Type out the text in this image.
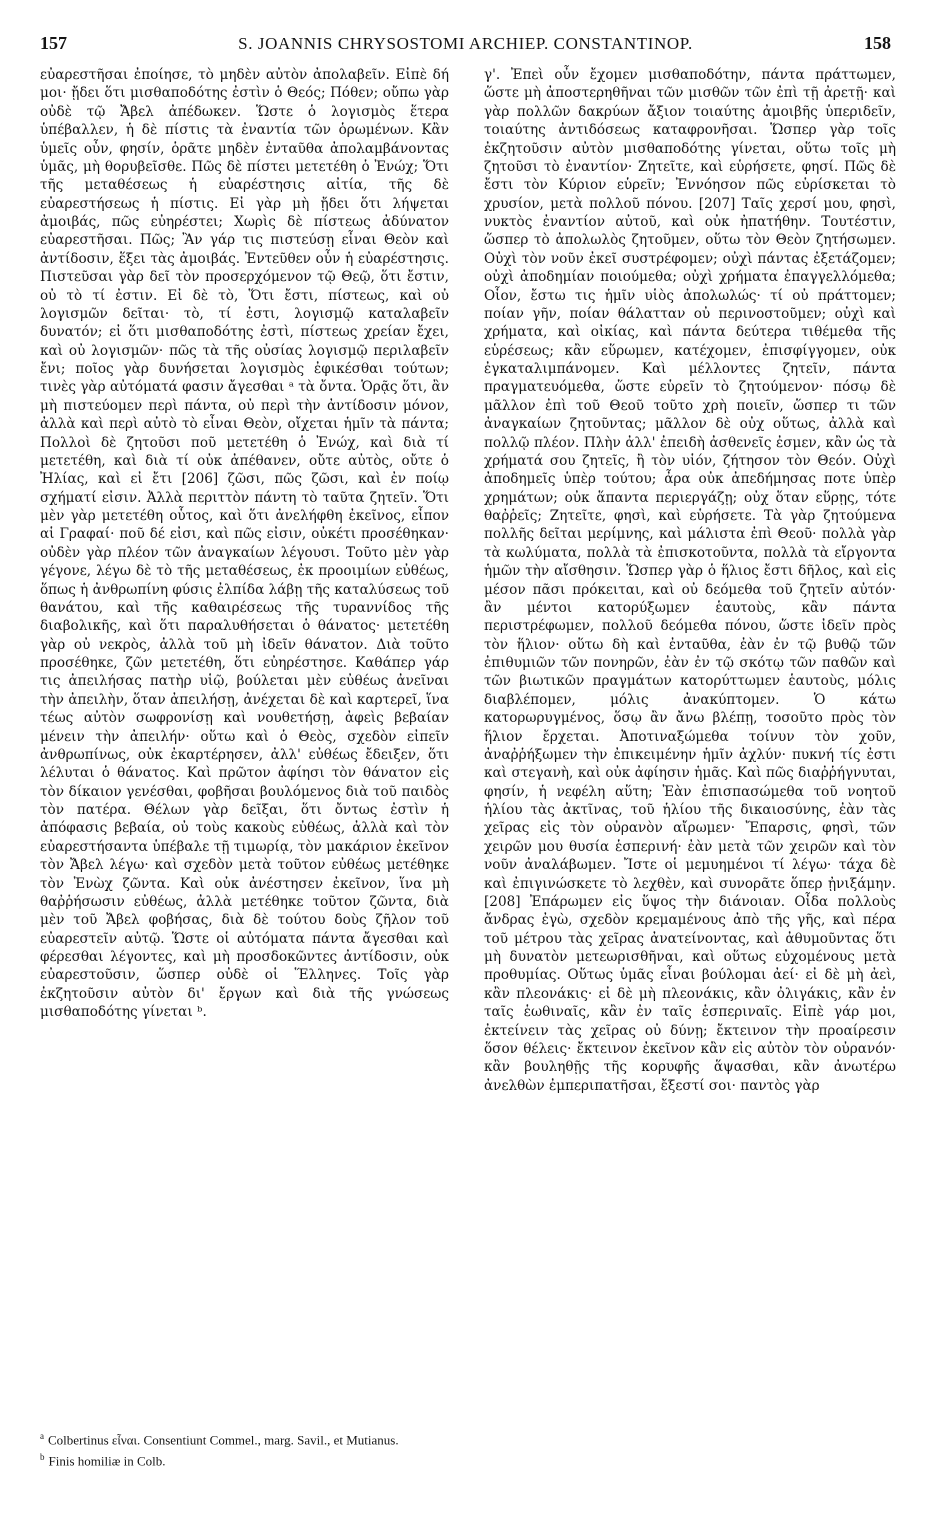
157	S. JOANNIS CHRYSOSTOMI ARCHIEP. CONSTANTINOP.	158

εὐαρεστῆσαι ἐποίησε, τὸ μηδὲν αὐτὸν ἀπολαβεῖν. Εἰπὲ δή μοι· ᾔδει ὅτι μισθαποδότης ἐστὶν ὁ Θεός; Πόθεν; οὔπω γὰρ οὐδὲ τῷ Ἄβελ ἀπέδωκεν. Ὥστε ὁ λογισμὸς ἕτερα ὑπέβαλλεν, ἡ δὲ πίστις τὰ ἐναντία τῶν ὁρωμένων. Κἂν ὑμεῖς οὖν, φησίν, ὁρᾶτε μηδὲν ἐνταῦθα ἀπολαμβάνοντας ὑμᾶς, μὴ θορυβεῖσθε. Πῶς δὲ πίστει μετετέθη ὁ Ἐνώχ; Ὅτι τῆς μεταθέσεως ἡ εὐαρέστησις αἰτία, τῆς δὲ εὐαρεστήσεως ἡ πίστις. Εἰ γὰρ μὴ ᾔδει ὅτι λήψεται ἀμοιβάς, πῶς εὐηρέστει; Χωρὶς δὲ πίστεως ἀδύνατον εὐαρεστῆσαι. Πῶς; Ἂν γάρ τις πιστεύσῃ εἶναι Θεὸν καὶ ἀντίδοσιν, ἕξει τὰς ἀμοιβάς. Ἐντεῦθεν οὖν ἡ εὐαρέστησις. Πιστεῦσαι γὰρ δεῖ τὸν προσερχόμενον τῷ Θεῷ, ὅτι ἔστιν, οὐ τὸ τί ἐστιν. Εἰ δὲ τὸ, Ὅτι ἔστι, πίστεως, καὶ οὐ λογισμῶν δεῖται· τὸ, τί ἐστι, λογισμῷ καταλαβεῖν δυνατόν; εἰ ὅτι μισθαποδότης ἐστὶ, πίστεως χρείαν ἔχει, καὶ οὐ λογισμῶν· πῶς τὰ τῆς οὐσίας λογισμῷ περιλαβεῖν ἔνι; ποῖος γὰρ δυνήσεται λογισμὸς ἐφικέσθαι τούτων; τινὲς γὰρ αὐτόματά φασιν ἄγεσθαι ᵃ τὰ ὄντα. Ὁρᾷς ὅτι, ἂν μὴ πιστεύομεν περὶ πάντα, οὐ περὶ τὴν ἀντίδοσιν μόνον, ἀλλὰ καὶ περὶ αὐτὸ τὸ εἶναι Θεὸν, οἴχεται ἡμῖν τὰ πάντα; Πολλοὶ δὲ ζητοῦσι ποῦ μετετέθη ὁ Ἐνώχ, καὶ διὰ τί μετετέθη, καὶ διὰ τί οὐκ ἀπέθανεν, οὔτε αὐτὸς, οὔτε ὁ Ἠλίας, καὶ εἰ ἔτι [206] ζῶσι, πῶς ζῶσι, καὶ ἐν ποίῳ σχήματί εἰσιν. Ἀλλὰ περιττὸν πάντη τὸ ταῦτα ζητεῖν. Ὅτι μὲν γὰρ μετετέθη οὗτος, καὶ ὅτι ἀνελήφθη ἐκεῖνος, εἶπον αἱ Γραφαί· ποῦ δέ εἰσι, καὶ πῶς εἰσιν, οὐκέτι προσέθηκαν· οὐδὲν γὰρ πλέον τῶν ἀναγκαίων λέγουσι. Τοῦτο μὲν γὰρ γέγονε, λέγω δὲ τὸ τῆς μεταθέσεως, ἐκ προοιμίων εὐθέως, ὅπως ἡ ἀνθρωπίνη φύσις ἐλπίδα λάβῃ τῆς καταλύσεως τοῦ θανάτου, καὶ τῆς καθαιρέσεως τῆς τυραννίδος τῆς διαβολικῆς, καὶ ὅτι παραλυθήσεται ὁ θάνατος· μετετέθη γὰρ οὐ νεκρὸς, ἀλλὰ τοῦ μὴ ἰδεῖν θάνατον. Διὰ τοῦτο προσέθηκε, ζῶν μετετέθη, ὅτι εὐηρέστησε. Καθάπερ γάρ τις ἀπειλήσας πατὴρ υἱῷ, βούλεται μὲν εὐθέως ἀνεῖναι τὴν ἀπειλὴν, ὅταν ἀπειλήσῃ, ἀνέχεται δὲ καὶ καρτερεῖ, ἵνα τέως αὐτὸν σωφρονίσῃ καὶ νουθετήσῃ, ἀφεὶς βεβαίαν μένειν τὴν ἀπειλήν· οὕτω καὶ ὁ Θεὸς, σχεδὸν εἰπεῖν ἀνθρωπίνως, οὐκ ἐκαρτέρησεν, ἀλλ' εὐθέως ἔδειξεν, ὅτι λέλυται ὁ θάνατος. Καὶ πρῶτον ἀφίησι τὸν θάνατον εἰς τὸν δίκαιον γενέσθαι, φοβῆσαι βουλόμενος διὰ τοῦ παιδὸς τὸν πατέρα. Θέλων γὰρ δεῖξαι, ὅτι ὄντως ἐστὶν ἡ ἀπόφασις βεβαία, οὐ τοὺς κακοὺς εὐθέως, ἀλλὰ καὶ τὸν εὐαρεστήσαντα ὑπέβαλε τῇ τιμωρίᾳ, τὸν μακάριον ἐκεῖνον τὸν Ἄβελ λέγω· καὶ σχεδὸν μετὰ τοῦτον εὐθέως μετέθηκε τὸν Ἐνὼχ ζῶντα. Καὶ οὐκ ἀνέστησεν ἐκεῖνον, ἵνα μὴ θαῤῥήσωσιν εὐθέως, ἀλλὰ μετέθηκε τοῦτον ζῶντα, διὰ μὲν τοῦ Ἄβελ φοβήσας, διὰ δὲ τούτου δοὺς ζῆλον τοῦ εὐαρεστεῖν αὐτῷ. Ὥστε οἱ αὐτόματα πάντα ἄγεσθαι καὶ φέρεσθαι λέγοντες, καὶ μὴ προσδοκῶντες ἀντίδοσιν, οὐκ εὐαρεστοῦσιν, ὥσπερ οὐδὲ οἱ Ἕλληνες. Τοῖς γὰρ ἐκζητοῦσιν αὐτὸν δι' ἔργων καὶ διὰ τῆς γνώσεως μισθαποδότης γίνεται ᵇ.

γ'. Ἐπεὶ οὖν ἔχομεν μισθαποδότην, πάντα πράττωμεν, ὥστε μὴ ἀποστερηθῆναι τῶν μισθῶν τῶν ἐπὶ τῇ ἀρετῇ· καὶ γὰρ πολλῶν δακρύων ἄξιον τοιαύτης ἀμοιβῆς ὑπεριδεῖν, τοιαύτης ἀντιδόσεως καταφρονῆσαι. Ὥσπερ γὰρ τοῖς ἐκζητοῦσιν αὐτὸν μισθαποδότης γίνεται, οὕτω τοῖς μὴ ζητοῦσι τὸ ἐναντίον· Ζητεῖτε, καὶ εὑρήσετε, φησί. Πῶς δὲ ἔστι τὸν Κύριον εὑρεῖν; Ἐννόησον πῶς εὑρίσκεται τὸ χρυσίον, μετὰ πολλοῦ πόνου. [207] Ταῖς χερσί μου, φησὶ, νυκτὸς ἐναντίον αὐτοῦ, καὶ οὐκ ἠπατήθην. Τουτέστιν, ὥσπερ τὸ ἀπολωλὸς ζητοῦμεν, οὕτω τὸν Θεὸν ζητήσωμεν. Οὐχὶ τὸν νοῦν ἐκεῖ συστρέφομεν; οὐχὶ πάντας ἐξετάζομεν; οὐχὶ ἀποδημίαν ποιούμεθα; οὐχὶ χρήματα ἐπαγγελλόμεθα; Οἷον, ἔστω τις ἡμῖν υἱὸς ἀπολωλώς· τί οὐ πράττομεν; ποίαν γῆν, ποίαν θάλατταν οὐ περινοστοῦμεν; οὐχὶ καὶ χρήματα, καὶ οἰκίας, καὶ πάντα δεύτερα τιθέμεθα τῆς εὑρέσεως; κἂν εὕρωμεν, κατέχομεν, ἐπισφίγγομεν, οὐκ ἐγκαταλιμπάνομεν. Καὶ μέλλοντες ζητεῖν, πάντα πραγματευόμεθα, ὥστε εὑρεῖν τὸ ζητούμενον· πόσῳ δὲ μᾶλλον ἐπὶ τοῦ Θεοῦ τοῦτο χρὴ ποιεῖν, ὥσπερ τι τῶν ἀναγκαίων ζητοῦντας; μᾶλλον δὲ οὐχ οὕτως, ἀλλὰ καὶ πολλῷ πλέον. Πλὴν ἀλλ' ἐπειδὴ ἀσθενεῖς ἐσμεν, κἂν ὡς τὰ χρήματά σου ζητεῖς, ἢ τὸν υἱόν, ζήτησον τὸν Θεόν. Οὐχὶ ἀποδημεῖς ὑπὲρ τούτου; ἆρα οὐκ ἀπεδήμησας ποτε ὑπὲρ χρημάτων; οὐκ ἅπαντα περιεργάζῃ; οὐχ ὅταν εὕρῃς, τότε θαῤῥεῖς; Ζητεῖτε, φησὶ, καὶ εὑρήσετε. Τὰ γὰρ ζητούμενα πολλῆς δεῖται μερίμνης, καὶ μάλιστα ἐπὶ Θεοῦ· πολλὰ γὰρ τὰ κωλύματα, πολλὰ τὰ ἐπισκοτοῦντα, πολλὰ τὰ εἴργοντα ἡμῶν τὴν αἴσθησιν. Ὥσπερ γὰρ ὁ ἥλιος ἔστι δῆλος, καὶ εἰς μέσον πᾶσι πρόκειται, καὶ οὐ δεόμεθα τοῦ ζητεῖν αὐτόν· ἂν μέντοι κατορύξωμεν ἑαυτοὺς, κἂν πάντα περιστρέφωμεν, πολλοῦ δεόμεθα πόνου, ὥστε ἰδεῖν πρὸς τὸν ἥλιον· οὕτω δὴ καὶ ἐνταῦθα, ἐὰν ἐν τῷ βυθῷ τῶν ἐπιθυμιῶν τῶν πονηρῶν, ἐὰν ἐν τῷ σκότῳ τῶν παθῶν καὶ τῶν βιωτικῶν πραγμάτων κατορύττωμεν ἑαυτοὺς, μόλις διαβλέπομεν, μόλις ἀνακύπτομεν. Ὁ κάτω κατορωρυγμένος, ὅσῳ ἂν ἄνω βλέπῃ, τοσοῦτο πρὸς τὸν ἥλιον ἔρχεται. Ἀποτιναξώμεθα τοίνυν τὸν χοῦν, ἀναῤῥήξωμεν τὴν ἐπικειμένην ἡμῖν ἀχλύν· πυκνή τίς ἐστι καὶ στεγανὴ, καὶ οὐκ ἀφίησιν ἡμᾶς. Καὶ πῶς διαῤῥήγνυται, φησίν, ἡ νεφέλη αὕτη; Ἐὰν ἐπισπασώμεθα τοῦ νοητοῦ ἡλίου τὰς ἀκτῖνας, τοῦ ἡλίου τῆς δικαιοσύνης, ἐὰν τὰς χεῖρας εἰς τὸν οὐρανὸν αἴρωμεν· Ἔπαρσις, φησὶ, τῶν χειρῶν μου θυσία ἑσπερινή· ἐὰν μετὰ τῶν χειρῶν καὶ τὸν νοῦν ἀναλάβωμεν. Ἴστε οἱ μεμυημένοι τί λέγω· τάχα δὲ καὶ ἐπιγινώσκετε τὸ λεχθὲν, καὶ συνορᾶτε ὅπερ ᾐνιξάμην. [208] Ἐπάρωμεν εἰς ὕψος τὴν διάνοιαν. Οἶδα πολλοὺς ἄνδρας ἐγὼ, σχεδὸν κρεμαμένους ἀπὸ τῆς γῆς, καὶ πέρα τοῦ μέτρου τὰς χεῖρας ἀνατείνοντας, καὶ ἀθυμοῦντας ὅτι μὴ δυνατὸν μετεωρισθῆναι, καὶ οὕτως εὐχομένους μετὰ προθυμίας. Οὕτως ὑμᾶς εἶναι βούλομαι ἀεί· εἰ δὲ μὴ ἀεὶ, κἂν πλεονάκις· εἰ δὲ μὴ πλεονάκις, κἂν ὀλιγάκις, κἂν ἐν ταῖς ἑωθιναῖς, κἂν ἐν ταῖς ἑσπεριναῖς. Εἰπὲ γάρ μοι, ἐκτείνειν τὰς χεῖρας οὐ δύνῃ; ἔκτεινον τὴν προαίρεσιν ὅσον θέλεις· ἔκτεινον ἐκεῖνον κἂν εἰς αὐτὸν τὸν οὐρανόν· κἂν βουληθῇς τῆς κορυφῆς ἅψασθαι, κἂν ἀνωτέρω ἀνελθὼν ἐμπεριπατῆσαι, ἔξεστί σοι· παντὸς γὰρ

$^a$ Colbertinus εἶναι. Consentiunt Commel., marg. Savil., et Mutianus.

$^b$ Finis homiliæ in Colb.
